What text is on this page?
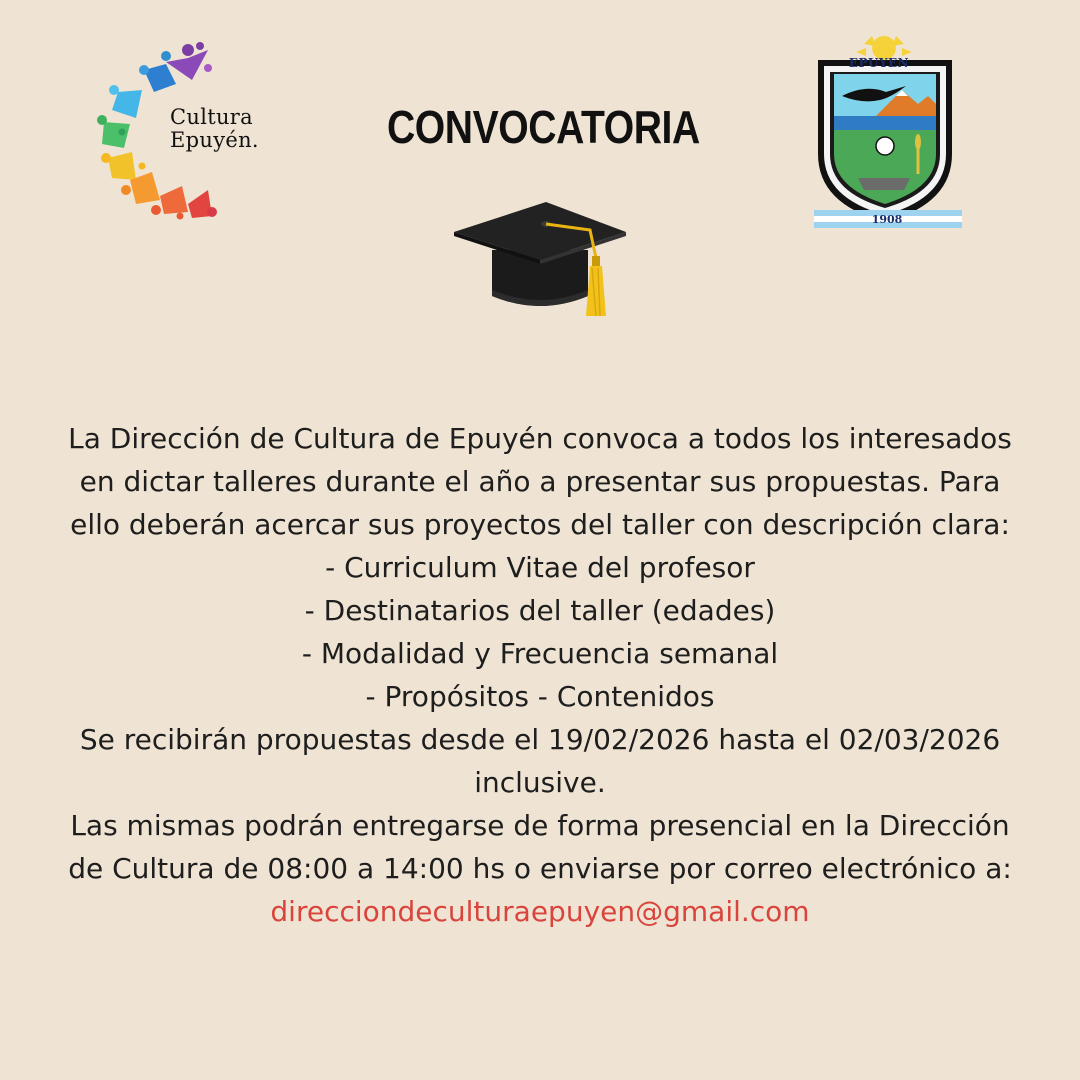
Cultura
Epuyén.	CONVOCATORIA
EPUYEN
1908
La Dirección de Cultura de Epuyén convoca a todos los interesados
en dictar talleres durante el año a presentar sus propuestas. Para
ello deberán acercar sus proyectos del taller con descripción clara:
- Curriculum Vitae del profesor
- Destinatarios del taller (edades)
- Modalidad y Frecuencia semanal
- Propósitos - Contenidos
Se recibirán propuestas desde el 19/02/2026 hasta el 02/03/2026
inclusive.
Las mismas podrán entregarse de forma presencial en la Dirección
de Cultura de 08:00 a 14:00 hs o enviarse por correo electrónico a:
direcciondeculturaepuyen@gmail.com
